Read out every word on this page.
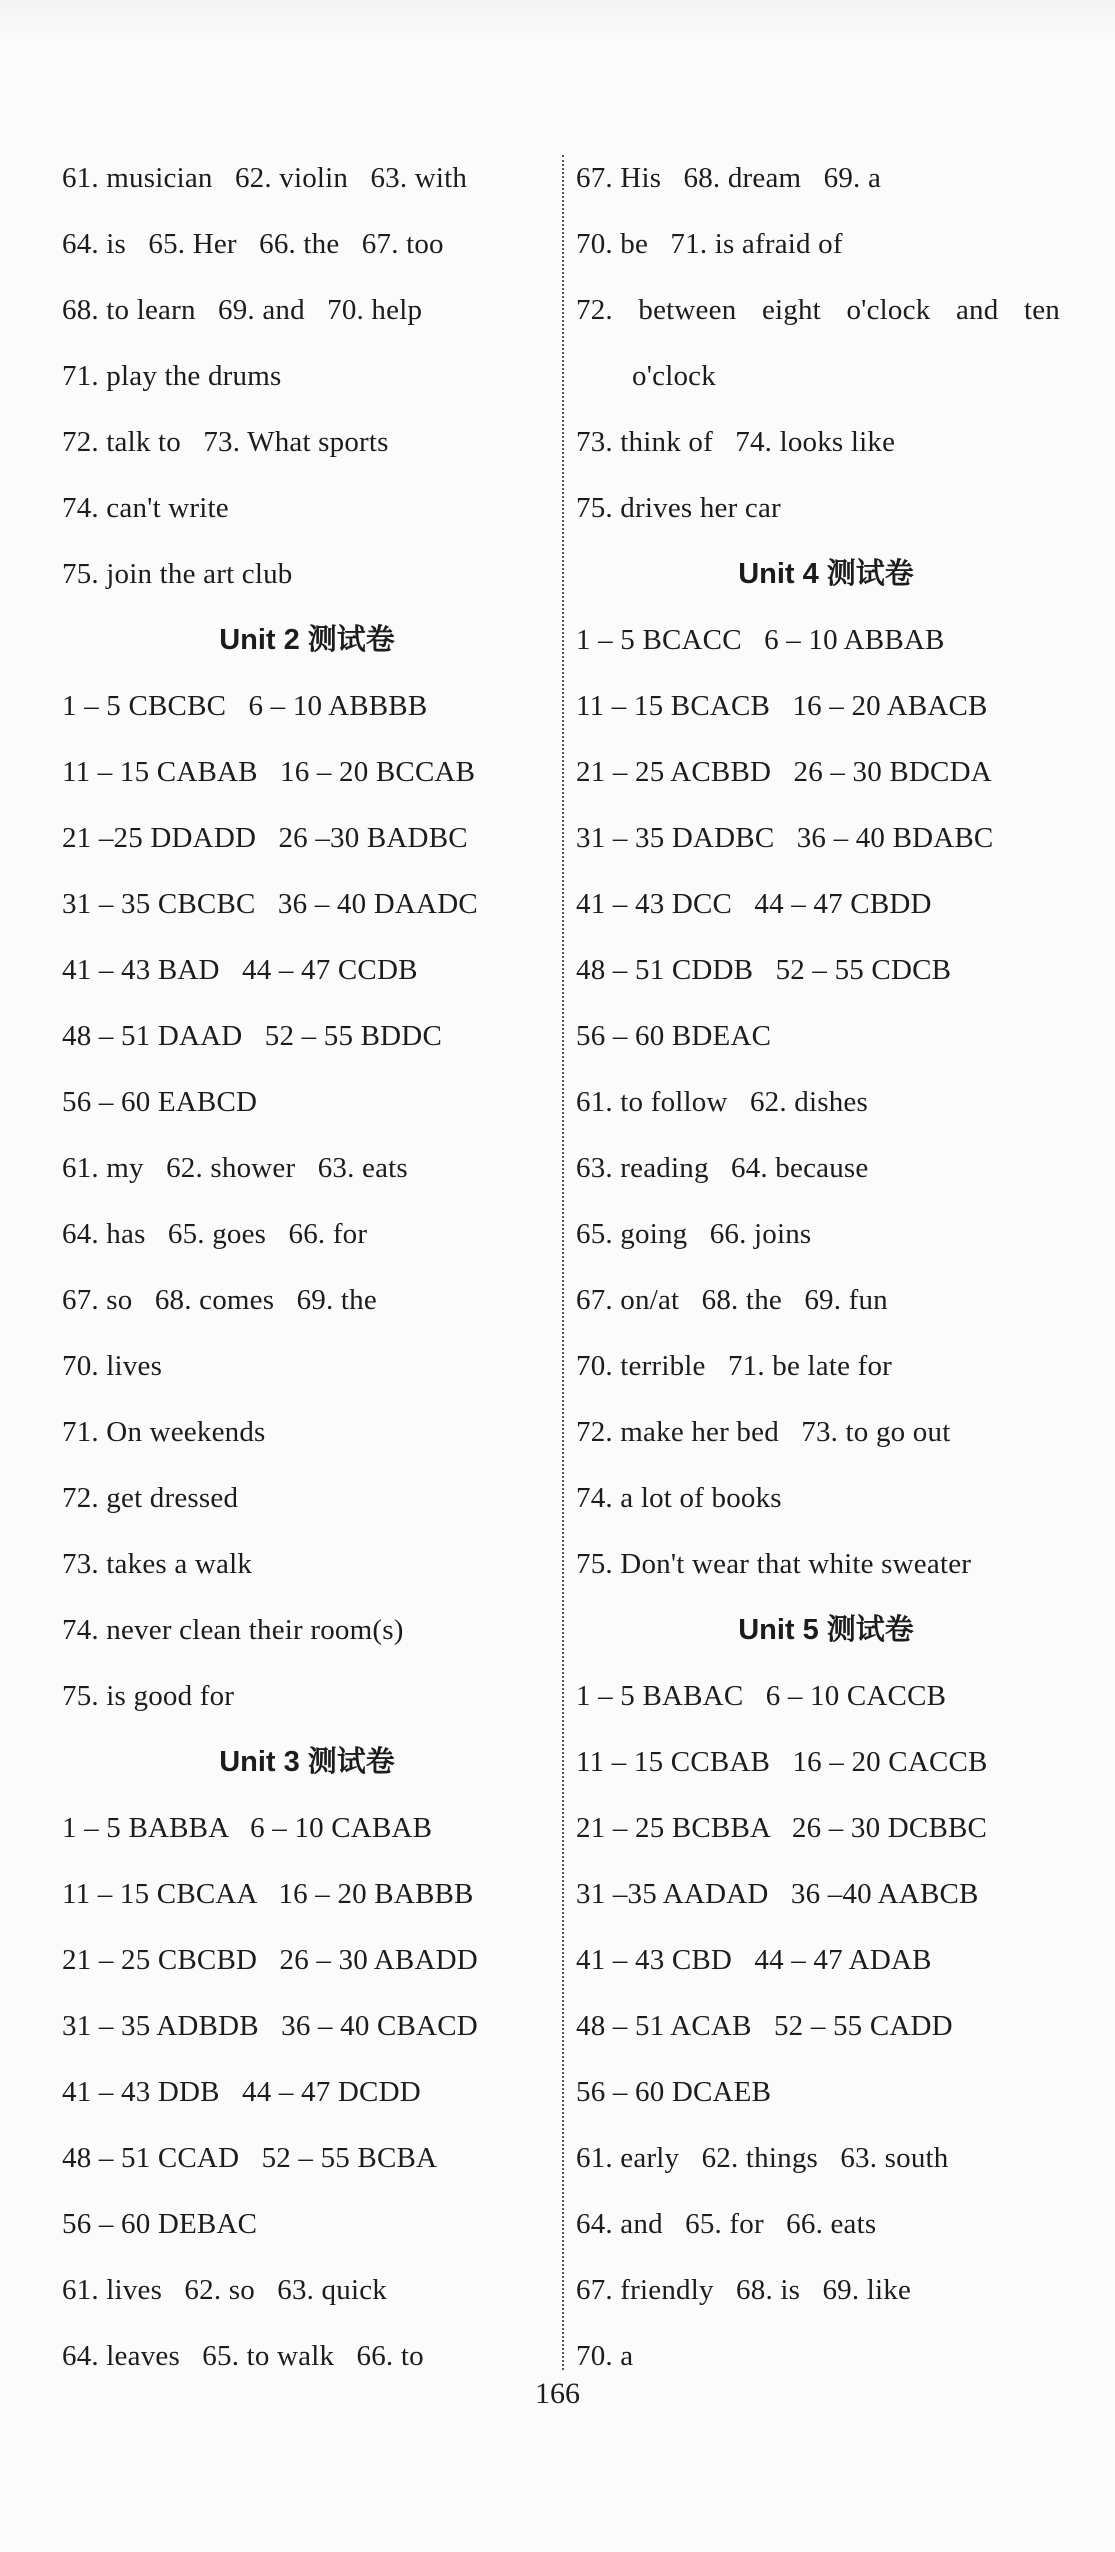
61. musician   62. violin   63. with
64. is   65. Her   66. the   67. too
68. to learn   69. and   70. help
71. play the drums
72. talk to   73. What sports
74. can't write
75. join the art club
Unit 2 测试卷
1 – 5 CBCBC   6 – 10 ABBBB
11 – 15 CABAB   16 – 20 BCCAB
21 –25 DDADD   26 –30 BADBC
31 – 35 CBCBC   36 – 40 DAADC
41 – 43 BAD   44 – 47 CCDB
48 – 51 DAAD   52 – 55 BDDC
56 – 60 EABCD
61. my   62. shower   63. eats
64. has   65. goes   66. for
67. so   68. comes   69. the
70. lives
71. On weekends
72. get dressed
73. takes a walk
74. never clean their room(s)
75. is good for
Unit 3 测试卷
1 – 5 BABBA   6 – 10 CABAB
11 – 15 CBCAA   16 – 20 BABBB
21 – 25 CBCBD   26 – 30 ABADD
31 – 35 ADBDB   36 – 40 CBACD
41 – 43 DDB   44 – 47 DCDD
48 – 51 CCAD   52 – 55 BCBA
56 – 60 DEBAC
61. lives   62. so   63. quick
64. leaves   65. to walk   66. to
67. His   68. dream   69. a
70. be   71. is afraid of
72. between eight o'clock and ten
o'clock
73. think of   74. looks like
75. drives her car
Unit 4 测试卷
1 – 5 BCACC   6 – 10 ABBAB
11 – 15 BCACB   16 – 20 ABACB
21 – 25 ACBBD   26 – 30 BDCDA
31 – 35 DADBC   36 – 40 BDABC
41 – 43 DCC   44 – 47 CBDD
48 – 51 CDDB   52 – 55 CDCB
56 – 60 BDEAC
61. to follow   62. dishes
63. reading   64. because
65. going   66. joins
67. on/at   68. the   69. fun
70. terrible   71. be late for
72. make her bed   73. to go out
74. a lot of books
75. Don't wear that white sweater
Unit 5 测试卷
1 – 5 BABAC   6 – 10 CACCB
11 – 15 CCBAB   16 – 20 CACCB
21 – 25 BCBBA   26 – 30 DCBBC
31 –35 AADAD   36 –40 AABCB
41 – 43 CBD   44 – 47 ADAB
48 – 51 ACAB   52 – 55 CADD
56 – 60 DCAEB
61. early   62. things   63. south
64. and   65. for   66. eats
67. friendly   68. is   69. like
70. a
166
